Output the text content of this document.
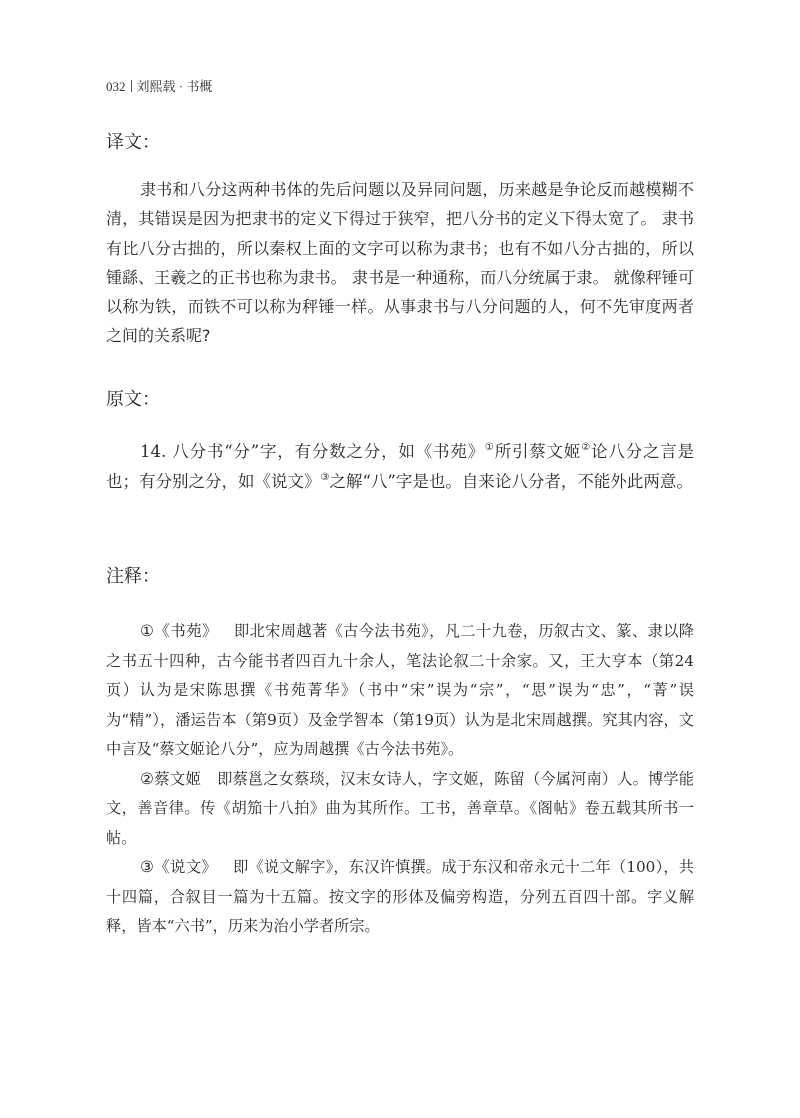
032 刘熙载 · 书概
译文：

隶书和八分这两种书体的先后问题以及异同问题，历来越是争论反而越模糊不清，其错误是因为把隶书的定义下得过于狭窄，把八分书的定义下得太宽了。 隶书有比八分古拙的，所以秦权上面的文字可以称为隶书；也有不如八分古拙的，所以锺繇、王羲之的正书也称为隶书。 隶书是一种通称，而八分统属于隶。 就像秤锤可以称为铁，而铁不可以称为秤锤一样。从事隶书与八分问题的人，何不先审度两者之间的关系呢?

原文：

14. 八分书“分”字，有分数之分，如《书苑》①所引蔡文姬②论八分之言是也；有分别之分，如《说文》③之解“八”字是也。自来论八分者，不能外此两意。

注释：

①《书苑》 即北宋周越著《古今法书苑》，凡二十九卷，历叙古文、篆、隶以降之书五十四种，古今能书者四百九十余人，笔法论叙二十余家。又，王大亨本（第24页）认为是宋陈思撰《书苑菁华》（书中“宋”误为“宗”，“思”误为“忠”，“菁”误为“精”），潘运告本（第9页）及金学智本（第19页）认为是北宋周越撰。究其内容，文中言及“蔡文姬论八分”，应为周越撰《古今法书苑》。

②蔡文姬 即蔡邕之女蔡琰，汉末女诗人，字文姬，陈留（今属河南）人。博学能文，善音律。传《胡笳十八拍》曲为其所作。工书，善章草。《阁帖》卷五载其所书一帖。

③《说文》 即《说文解字》，东汉许慎撰。成于东汉和帝永元十二年（100），共十四篇，合叙目一篇为十五篇。按文字的形体及偏旁构造，分列五百四十部。字义解释，皆本“六书”，历来为治小学者所宗。
